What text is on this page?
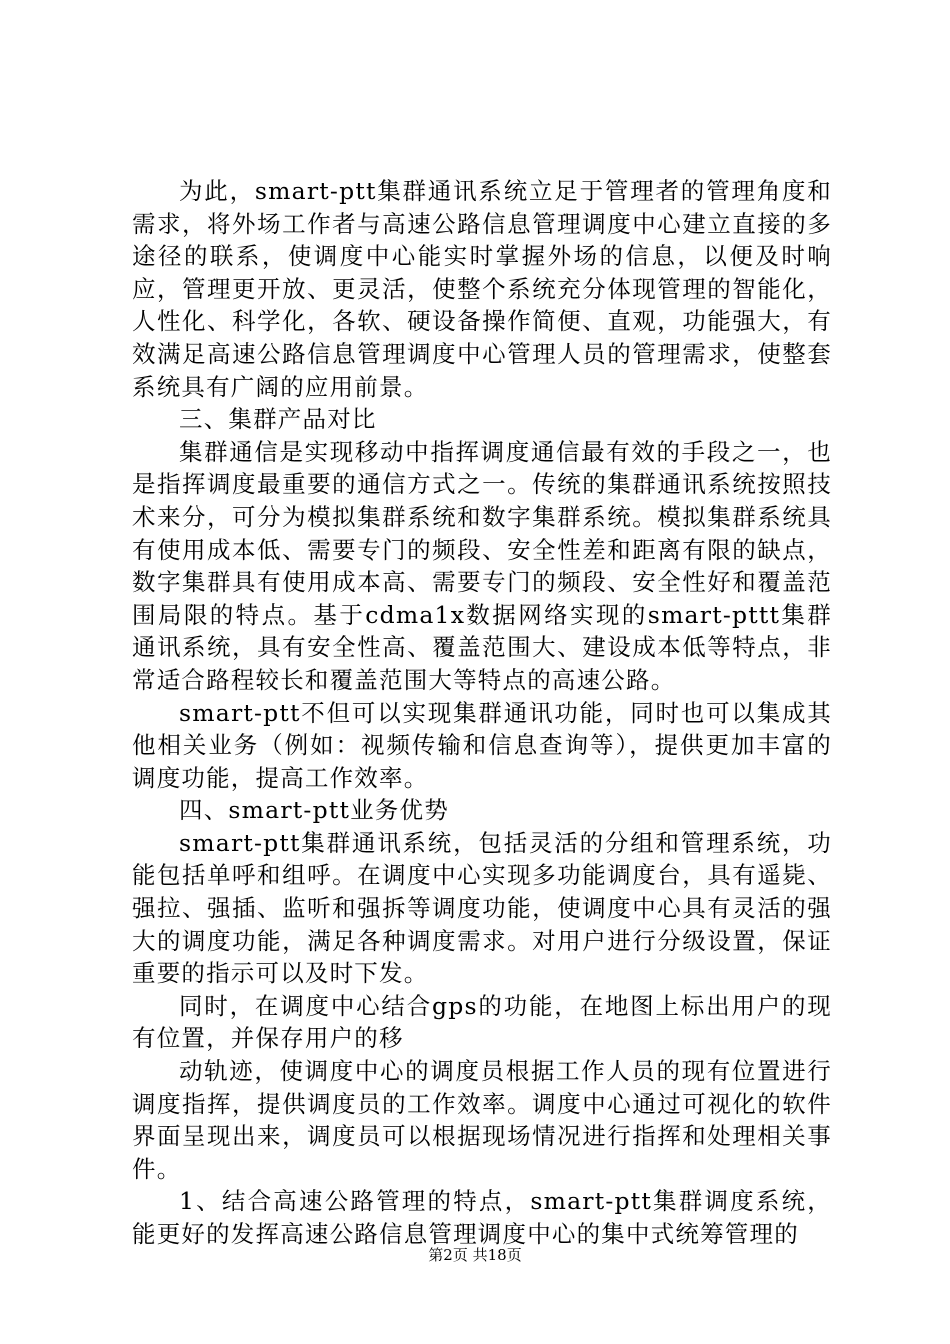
为此，smart-ptt集群通讯系统立足于管理者的管理角度和需求，将外场工作者与高速公路信息管理调度中心建立直接的多途径的联系，使调度中心能实时掌握外场的信息，以便及时响应，管理更开放、更灵活，使整个系统充分体现管理的智能化，人性化、科学化，各软、硬设备操作简便、直观，功能强大，有效满足高速公路信息管理调度中心管理人员的管理需求，使整套系统具有广阔的应用前景。

三、集群产品对比

集群通信是实现移动中指挥调度通信最有效的手段之一，也是指挥调度最重要的通信方式之一。传统的集群通讯系统按照技术来分，可分为模拟集群系统和数字集群系统。模拟集群系统具有使用成本低、需要专门的频段、安全性差和距离有限的缺点，数字集群具有使用成本高、需要专门的频段、安全性好和覆盖范围局限的特点。基于cdma1x数据网络实现的smart-pttt集群通讯系统，具有安全性高、覆盖范围大、建设成本低等特点，非常适合路程较长和覆盖范围大等特点的高速公路。

smart-ptt不但可以实现集群通讯功能，同时也可以集成其他相关业务（例如：视频传输和信息查询等），提供更加丰富的调度功能，提高工作效率。

四、smart-ptt业务优势

smart-ptt集群通讯系统，包括灵活的分组和管理系统，功能包括单呼和组呼。在调度中心实现多功能调度台，具有遥毙、强拉、强插、监听和强拆等调度功能，使调度中心具有灵活的强大的调度功能，满足各种调度需求。对用户进行分级设置，保证重要的指示可以及时下发。

同时，在调度中心结合gps的功能，在地图上标出用户的现有位置，并保存用户的移

动轨迹，使调度中心的调度员根据工作人员的现有位置进行调度指挥，提供调度员的工作效率。调度中心通过可视化的软件界面呈现出来，调度员可以根据现场情况进行指挥和处理相关事件。

1、结合高速公路管理的特点，smart-ptt集群调度系统，能更好的发挥高速公路信息管理调度中心的集中式统筹管理的

第2页 共18页
